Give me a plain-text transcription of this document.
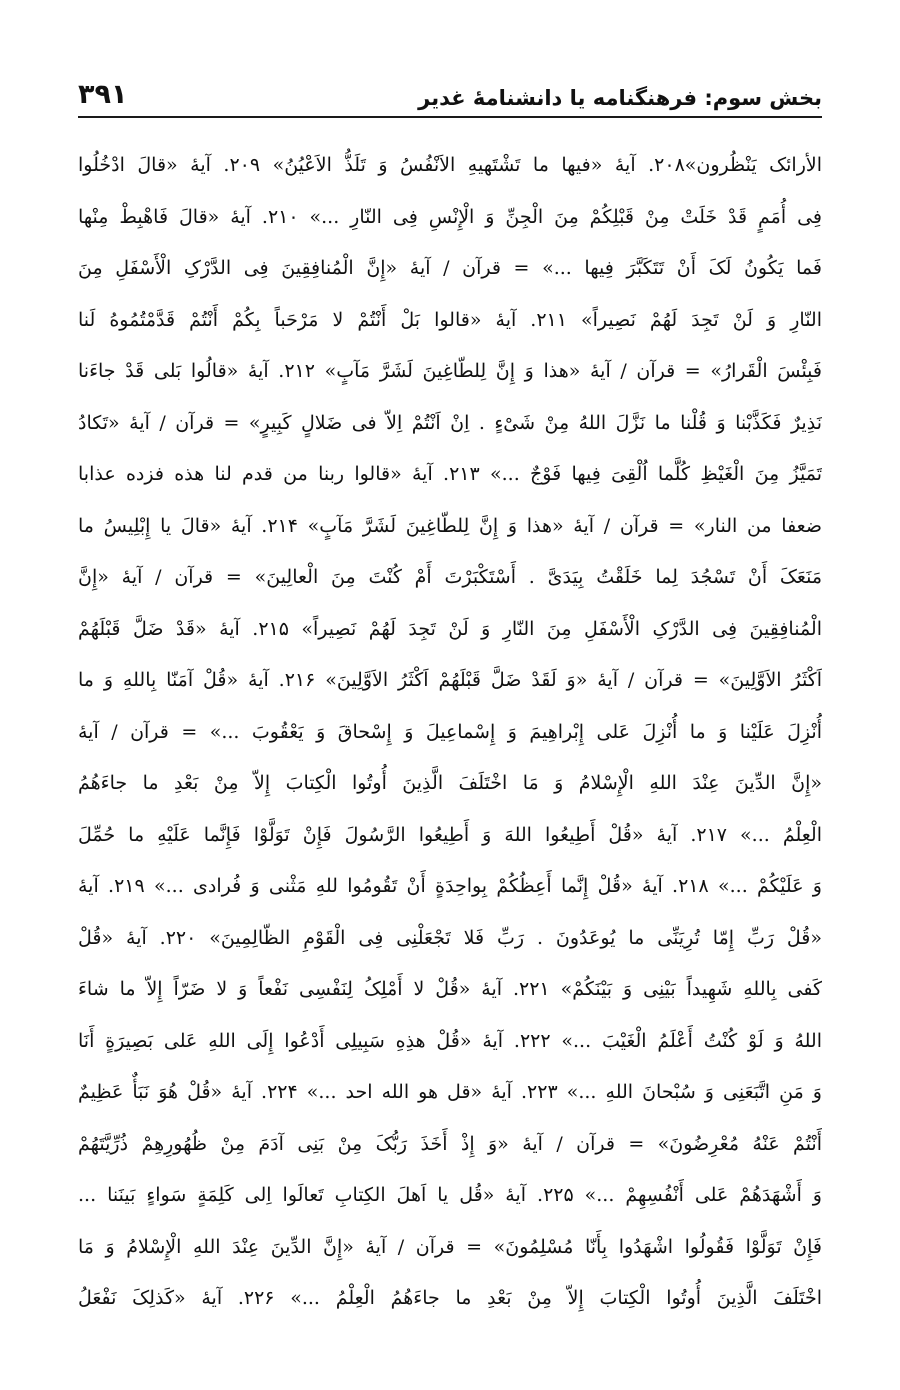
بخش سوم: فرهنگنامه یا دانشنامهٔ غدیر
۳۹۱
الأرائک یَنْظُرون»۲۰۸. آیهٔ «فیها ما تَشْتَهیهِ الاَنْفُسُ وَ تَلَذُّ الاَعْیُنُ» ۲۰۹. آیهٔ «قالَ ادْخُلُوا
فِی أُمَمٍ قَدْ خَلَتْ مِنْ قَبْلِکُمْ مِنَ الْجِنِّ وَ الْإِنْسِ فِی النّارِ ...» ۲۱۰. آیهٔ «قالَ فَاهْبِطْ مِنْها
فَما یَکُونُ لَکَ أَنْ تَتَکَبَّرَ فِیها ...» = قرآن / آیهٔ «إِنَّ الْمُنافِقِینَ فِی الدَّرْکِ الْأَسْفَلِ مِنَ
النّارِ وَ لَنْ تَجِدَ لَهُمْ نَصِیراً» ۲۱۱. آیهٔ «قالوا بَلْ أَنْتُمْ لا مَرْحَباً بِکُمْ أَنْتُمْ قَدَّمْتُمُوهُ لَنا
فَبِئْسَ الْقَرارُ» = قرآن / آیهٔ «هذا وَ إِنَّ لِلطّاغِینَ لَشَرَّ مَآبٍ» ۲۱۲. آیهٔ «قالُوا بَلی قَدْ جاءَنا
نَذِیرٌ فَکَذَّبْنا وَ قُلْنا ما نَزَّلَ اللهُ مِنْ شَیْءٍ . اِنْ اَنْتُمْ اِلاّ فی ضَلالٍ کَبِیرٍ» = قرآن / آیهٔ «تَکادُ
تَمَیَّزُ مِنَ الْغَیْظِ کُلَّما اُلْقِیَ فِیها فَوْجٌ ...» ۲۱۳. آیهٔ «قالوا ربنا من قدم لنا هذه فزده عذابا
ضعفا من النار» = قرآن / آیهٔ «هذا وَ إِنَّ لِلطّاغِینَ لَشَرَّ مَآبٍ» ۲۱۴. آیهٔ «قالَ یا إِبْلِیسُ ما
مَنَعَکَ أَنْ تَسْجُدَ لِما خَلَقْتُ بِیَدَیَّ . أَسْتَکْبَرْتَ أَمْ کُنْتَ مِنَ الْعالِینَ» = قرآن / آیهٔ «إِنَّ
الْمُنافِقِینَ فِی الدَّرْکِ الْأَسْفَلِ مِنَ النّارِ وَ لَنْ تَجِدَ لَهُمْ نَصِیراً» ۲۱۵. آیهٔ «قَدْ ضَلَّ قَبْلَهُمْ
اَکْثَرُ الاَوَّلِینَ» = قرآن / آیهٔ «وَ لَقَدْ ضَلَّ قَبْلَهُمْ اَکْثَرُ الاَوَّلِینَ» ۲۱۶. آیهٔ «قُلْ آمَنّا بِاللهِ وَ ما
أُنْزِلَ عَلَیْنا وَ ما أُنْزِلَ عَلی إِبْراهِیمَ وَ إِسْماعِیلَ وَ إِسْحاقَ وَ یَعْقُوبَ ...» = قرآن / آیهٔ
«إِنَّ الدِّینَ عِنْدَ اللهِ الْإِسْلامُ وَ مَا اخْتَلَفَ الَّذِینَ أُوتُوا الْکِتابَ إِلاّ مِنْ بَعْدِ ما جاءَهُمُ
الْعِلْمُ ...» ۲۱۷. آیهٔ «قُلْ أَطِیعُوا اللهَ وَ أَطِیعُوا الرَّسُولَ فَإِنْ تَوَلَّوْا فَإِنَّما عَلَیْهِ ما حُمِّلَ
وَ عَلَیْکُمْ ...» ۲۱۸. آیهٔ «قُلْ إِنَّما أَعِظُکُمْ بِواحِدَةٍ أَنْ تَقُومُوا للهِ مَثْنی وَ فُرادی ...» ۲۱۹. آیهٔ
«قُلْ رَبِّ إِمّا تُرِیَنِّی ما یُوعَدُونَ . رَبِّ فَلا تَجْعَلْنِی فِی الْقَوْمِ الظّالِمِینَ» ۲۲۰. آیهٔ «قُلْ
کَفی بِاللهِ شَهِیداً بَیْنِی وَ بَیْنَکُمْ» ۲۲۱. آیهٔ «قُلْ لا أَمْلِکُ لِنَفْسِی نَفْعاً وَ لا ضَرّاً إِلاّ ما شاءَ
اللهُ وَ لَوْ کُنْتُ أَعْلَمُ الْغَیْبَ ...» ۲۲۲. آیهٔ «قُلْ هذِهِ سَبِیلِی أَدْعُوا إِلَی اللهِ عَلی بَصِیرَةٍ أَنَا
وَ مَنِ اتَّبَعَنِی وَ سُبْحانَ اللهِ ...» ۲۲۳. آیهٔ «قل هو الله احد ...» ۲۲۴. آیهٔ «قُلْ هُوَ نَبَأٌ عَظِیمٌ
أَنْتُمْ عَنْهُ مُعْرِضُونَ» = قرآن / آیهٔ «وَ إِذْ أَخَذَ رَبُّکَ مِنْ بَنِی آدَمَ مِنْ ظُهُورِهِمْ ذُرِّیَّتَهُمْ
وَ أَشْهَدَهُمْ عَلی أَنْفُسِهِمْ ...» ۲۲۵. آیهٔ «قُل یا اَهلَ الکِتابِ تَعالَوا اِلی کَلِمَةٍ سَواءٍ بَینَنا ...
فَإِنْ تَوَلَّوْا فَقُولُوا اشْهَدُوا بِأَنّا مُسْلِمُونَ» = قرآن / آیهٔ «إِنَّ الدِّینَ عِنْدَ اللهِ الْإِسْلامُ وَ مَا
اخْتَلَفَ الَّذِینَ أُوتُوا الْکِتابَ إِلاّ مِنْ بَعْدِ ما جاءَهُمُ الْعِلْمُ ...» ۲۲۶. آیهٔ «کَذلِکَ نَفْعَلُ
